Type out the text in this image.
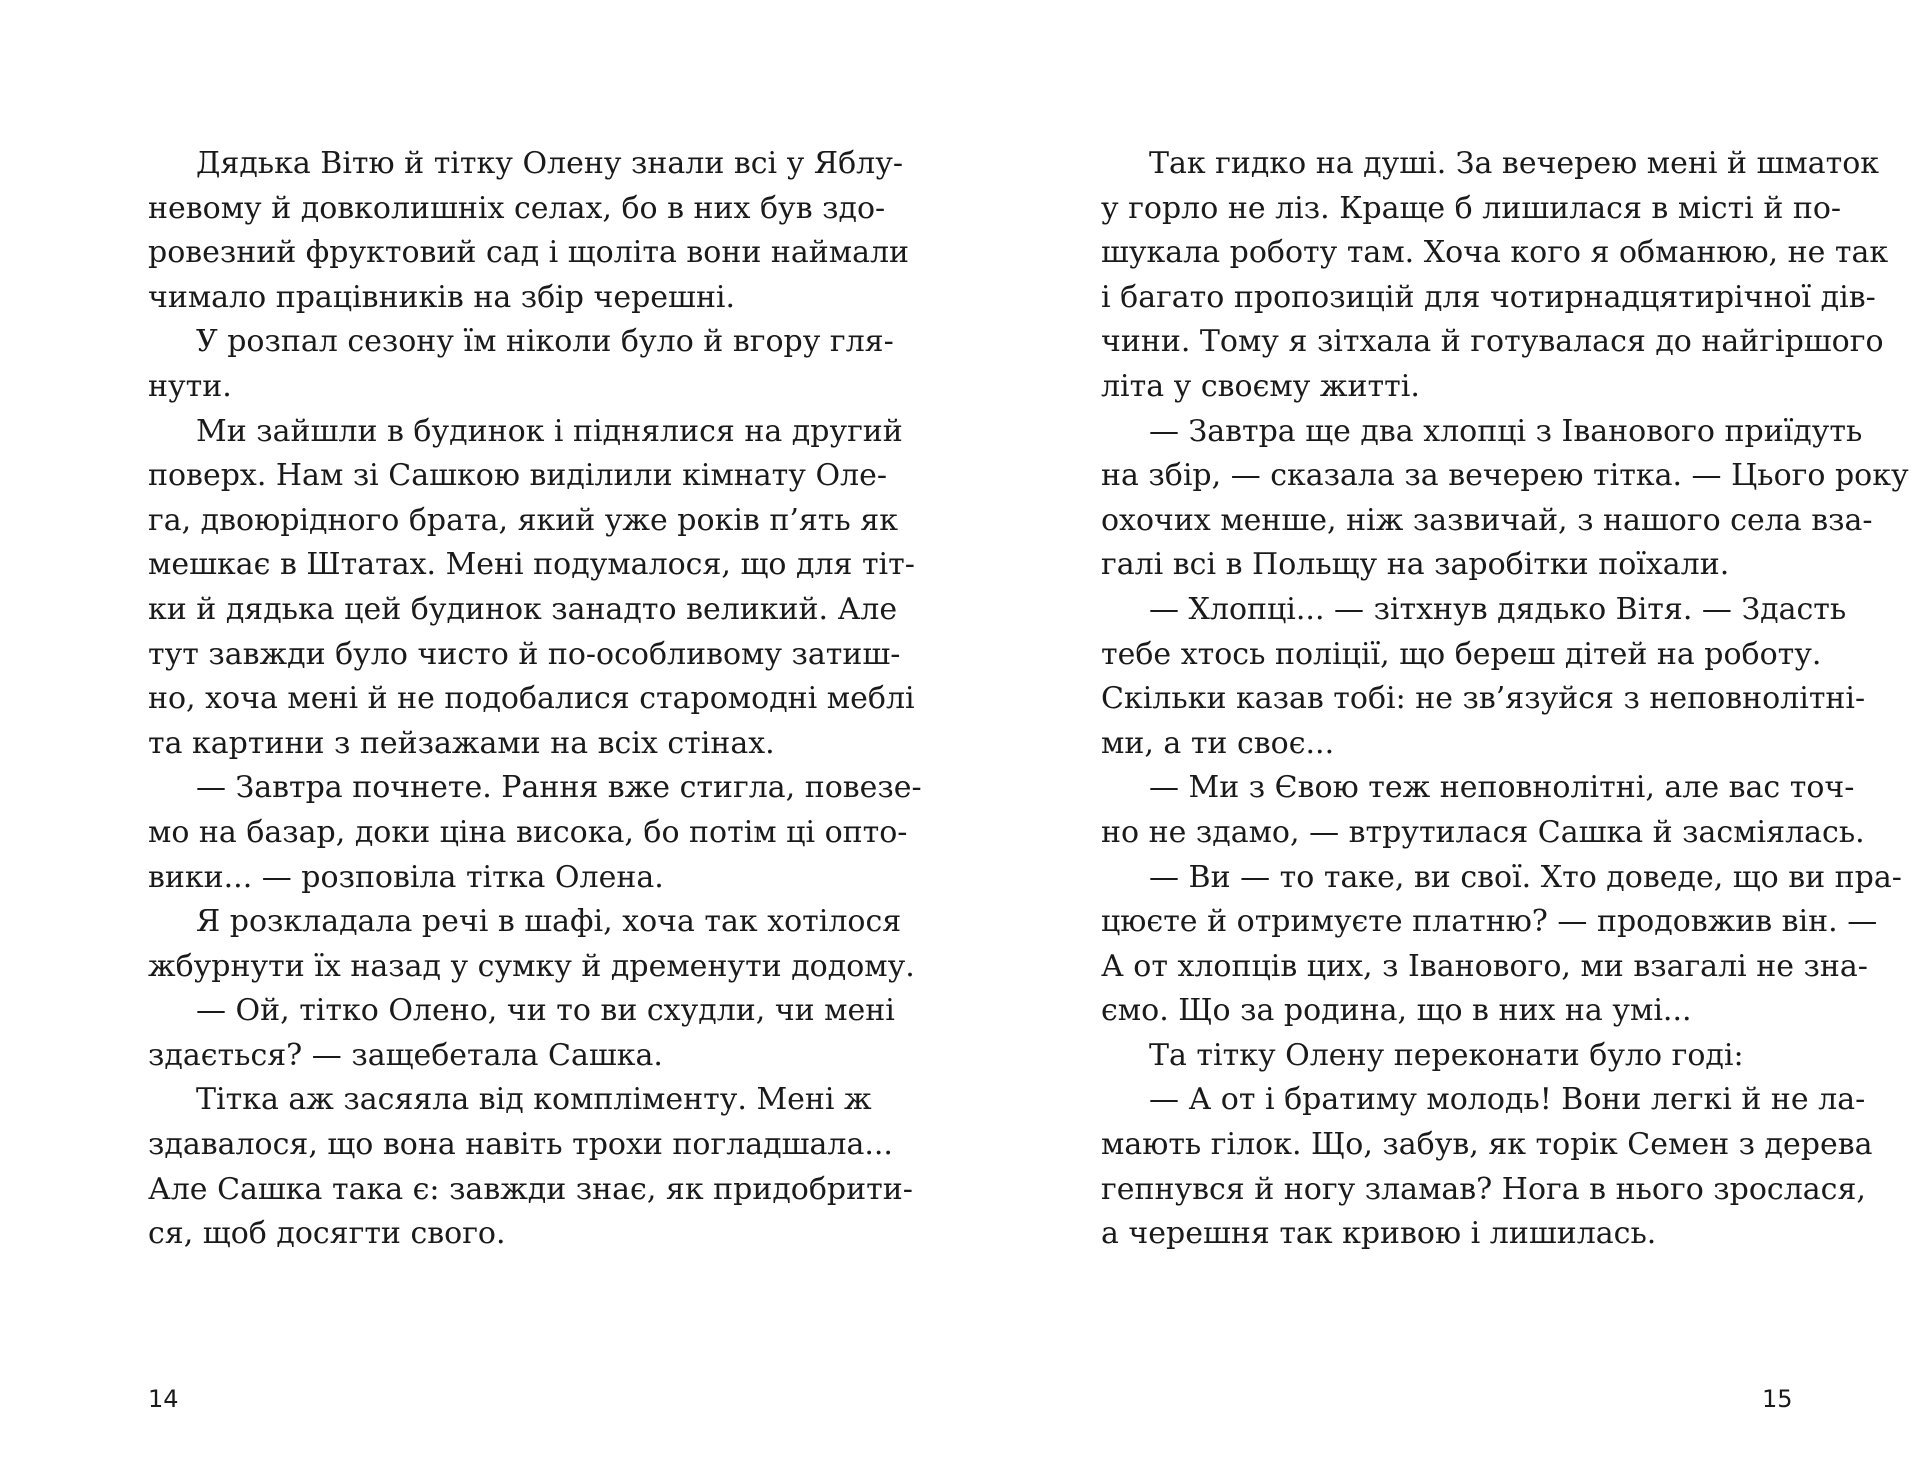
Дядька Вітю й тітку Олену знали всі у Яблу-
невому й довколишніх селах, бо в них був здо-
ровезний фруктовий сад і щоліта вони наймали
чимало працівників на збір черешні.
У розпал сезону їм ніколи було й вгору гля-
нути.
Ми зайшли в будинок і піднялися на другий
поверх. Нам зі Сашкою виділили кімнату Оле-
га, двоюрідного брата, який уже років п’ять як
мешкає в Штатах. Мені подумалося, що для тіт-
ки й дядька цей будинок занадто великий. Але
тут завжди було чисто й по-особливому затиш-
но, хоча мені й не подобалися старомодні меблі
та картини з пейзажами на всіх стінах.
— Завтра почнете. Рання вже стигла, повезе-
мо на базар, доки ціна висока, бо потім ці опто-
вики... — розповіла тітка Олена.
Я розкладала речі в шафі, хоча так хотілося
жбурнути їх назад у сумку й дременути додому.
— Ой, тітко Олено, чи то ви схудли, чи мені
здається? — защебетала Сашка.
Тітка аж засяяла від компліменту. Мені ж
здавалося, що вона навіть трохи погладшала...
Але Сашка така є: завжди знає, як придобрити-
ся, щоб досягти свого.
Так гидко на душі. За вечерею мені й шматок
у горло не ліз. Краще б лишилася в місті й по-
шукала роботу там. Хоча кого я обманюю, не так
і багато пропозицій для чотирнадцятирічної дів-
чини. Тому я зітхала й готувалася до найгіршого
літа у своєму житті.
— Завтра ще два хлопці з Іванового приїдуть
на збір, — сказала за вечерею тітка. — Цього року
охочих менше, ніж зазвичай, з нашого села вза-
галі всі в Польщу на заробітки поїхали.
— Хлопці... — зітхнув дядько Вітя. — Здасть
тебе хтось поліції, що береш дітей на роботу.
Скільки казав тобі: не зв’язуйся з неповнолітні-
ми, а ти своє...
— Ми з Євою теж неповнолітні, але вас точ-
но не здамо, — втрутилася Сашка й засміялась.
— Ви — то таке, ви свої. Хто доведе, що ви пра-
цюєте й отримуєте платню? — продовжив він. —
А от хлопців цих, з Іванового, ми взагалі не зна-
ємо. Що за родина, що в них на умі...
Та тітку Олену переконати було годі:
— А от і братиму молодь! Вони легкі й не ла-
мають гілок. Що, забув, як торік Семен з дерева
гепнувся й ногу зламав? Нога в нього зрослася,
а черешня так кривою і лишилась.
14	15
